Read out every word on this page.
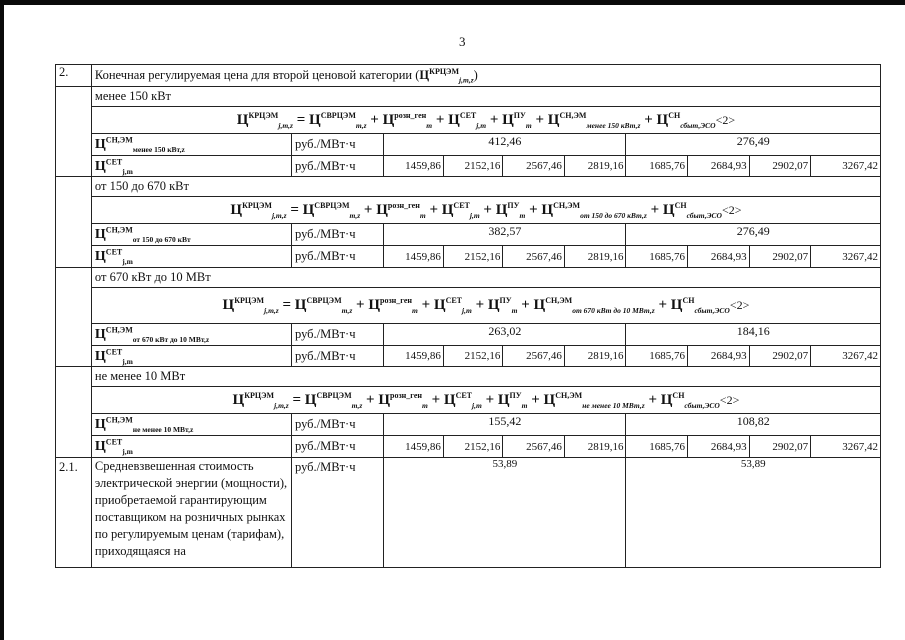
3
2.	Конечная регулируемая цена для второй ценовой категории $(Ц^{КРЦЭМ}_{j,m,z})$									
	менее 150 кВт									
	$Ц^{КРЦЭМ}_{j,m,z} = Ц^{СВРЦЭМ}_{m,z} + Ц^{розн\_ген}_m + Ц^{СЕТ}_{j,m} + Ц^{ПУ}_m + Ц^{СН,ЭМ}_{менее 150 кВт,z} + Ц^{СН}_{сбыт,ЭСО}<2>$									
	$Ц^{СН,ЭМ}_{менее 150 кВт,z}$	руб./МВт·ч	412,46				276,49			
	$Ц^{СЕТ}_{j,m}$	руб./МВт·ч	1459,86	2152,16	2567,46	2819,16	1685,76	2684,93	2902,07	3267,42
	от 150 до 670 кВт									
	$Ц^{КРЦЭМ}_{j,m,z} = Ц^{СВРЦЭМ}_{m,z} + Ц^{розн\_ген}_m + Ц^{СЕТ}_{j,m} + Ц^{ПУ}_m + Ц^{СН,ЭМ}_{от 150 до 670 кВт,z} + Ц^{СН}_{сбыт,ЭСО}<2>$									
	$Ц^{СН,ЭМ}_{от 150 до 670 кВт}$	руб./МВт·ч	382,57				276,49			
	$Ц^{СЕТ}_{j,m}$	руб./МВт·ч	1459,86	2152,16	2567,46	2819,16	1685,76	2684,93	2902,07	3267,42
	от 670 кВт до 10 МВт									
	$Ц^{КРЦЭМ}_{j,m,z} = Ц^{СВРЦЭМ}_{m,z} + Ц^{розн\_ген}_m + Ц^{СЕТ}_{j,m} + Ц^{ПУ}_m + Ц^{СН,ЭМ}_{от 670 кВт до 10 МВт,z} + Ц^{СН}_{сбыт,ЭСО}<2>$									
	$Ц^{СН,ЭМ}_{от 670 кВт до 10 МВт,z}$	руб./МВт·ч	263,02				184,16			
	$Ц^{СЕТ}_{j,m}$	руб./МВт·ч	1459,86	2152,16	2567,46	2819,16	1685,76	2684,93	2902,07	3267,42
	не менее 10 МВт									
	$Ц^{КРЦЭМ}_{j,m,z} = Ц^{СВРЦЭМ}_{m,z} + Ц^{розн\_ген}_m + Ц^{СЕТ}_{j,m} + Ц^{ПУ}_m + Ц^{СН,ЭМ}_{не менее 10 МВт,z} + Ц^{СН}_{сбыт,ЭСО}<2>$									
	$Ц^{СН,ЭМ}_{не менее 10 МВт,z}$	руб./МВт·ч	155,42				108,82			
	$Ц^{СЕТ}_{j,m}$	руб./МВт·ч	1459,86	2152,16	2567,46	2819,16	1685,76	2684,93	2902,07	3267,42
2.1.	Средневзвешенная стоимость электрической энергии (мощности), приобретаемой гарантирующим поставщиком на розничных рынках по регулируемым ценам (тарифам), приходящаяся на	руб./МВт·ч	53,89				53,89			
